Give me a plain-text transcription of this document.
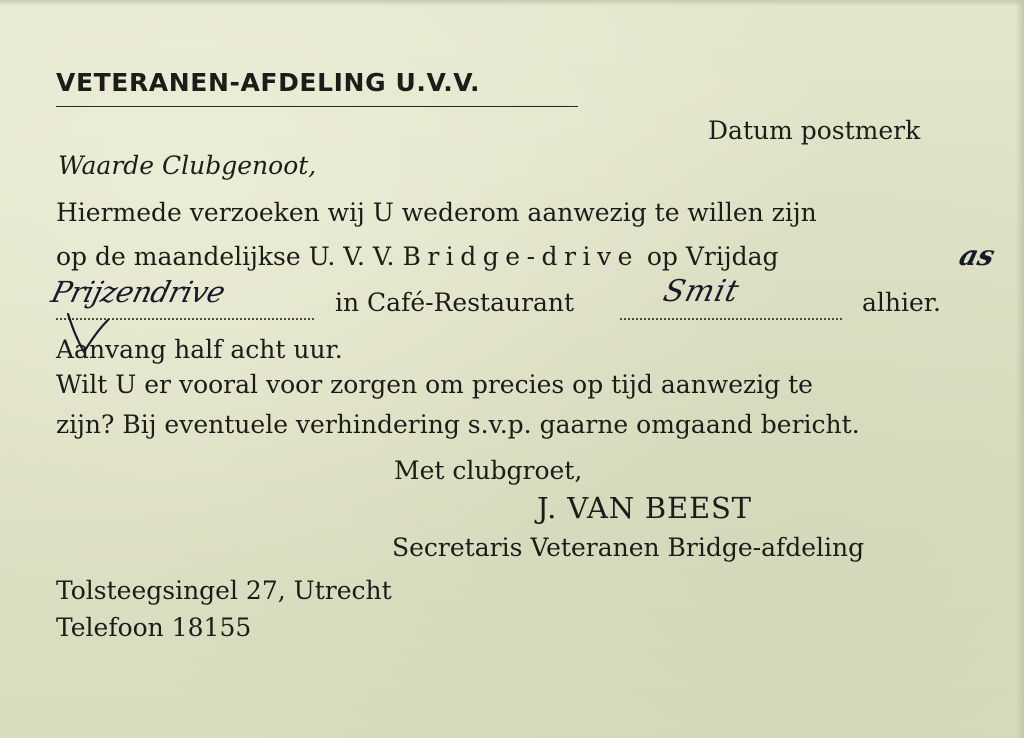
VETERANEN-AFDELING U.V.V.

Datum postmerk

Waarde Clubgenoot,

Hiermede verzoeken wij U wederom aanwezig te willen zijn

op de maandelijkse U. V. V. Bridge-drive op Vrijdag	as

Prijzendrive	in Café-Restaurant	Smit	alhier.

Aanvang half acht uur.

Wilt U er vooral voor zorgen om precies op tijd aanwezig te

zijn? Bij eventuele verhindering s.v.p. gaarne omgaand bericht.

Met clubgroet,

J. VAN BEEST

Secretaris Veteranen Bridge-afdeling

Tolsteegsingel 27, Utrecht

Telefoon 18155
